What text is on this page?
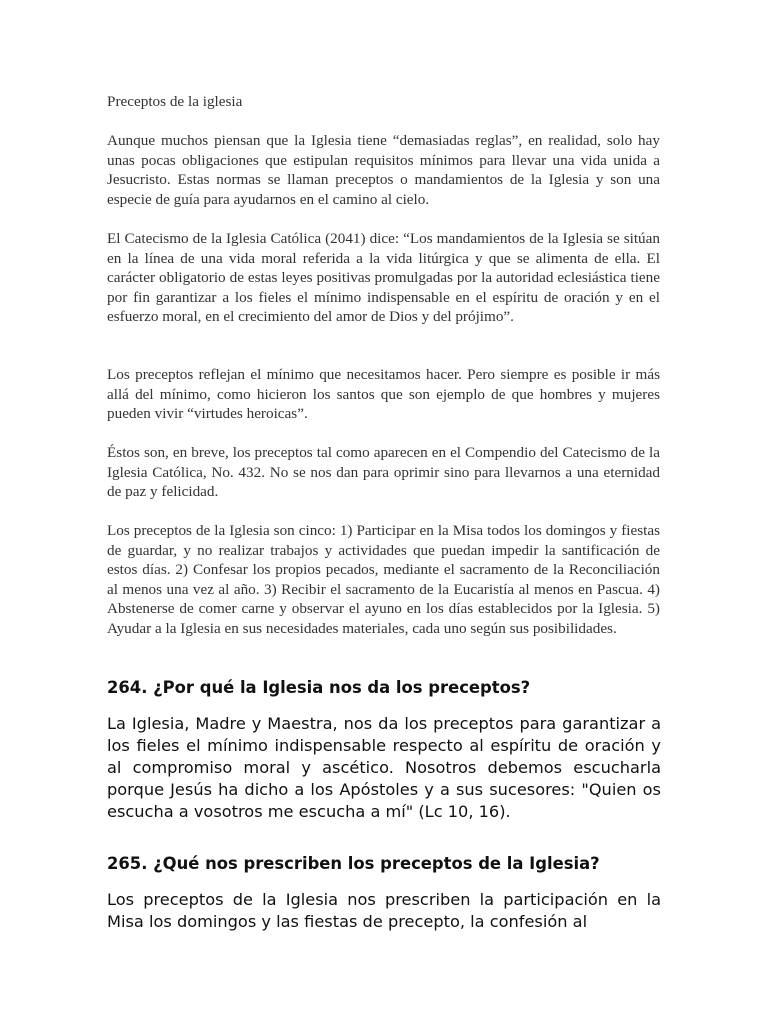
Preceptos de la iglesia

Aunque muchos piensan que la Iglesia tiene “demasiadas reglas”, en realidad, solo hay unas pocas obligaciones que estipulan requisitos mínimos para llevar una vida unida a Jesucristo. Estas normas se llaman preceptos o mandamientos de la Iglesia y son una especie de guía para ayudarnos en el camino al cielo.

El Catecismo de la Iglesia Católica (2041) dice: “Los mandamientos de la Iglesia se sitúan en la línea de una vida moral referida a la vida litúrgica y que se alimenta de ella. El carácter obligatorio de estas leyes positivas promulgadas por la autoridad eclesiástica tiene por fin garantizar a los fieles el mínimo indispensable en el espíritu de oración y en el esfuerzo moral, en el crecimiento del amor de Dios y del prójimo”.

Los preceptos reflejan el mínimo que necesitamos hacer. Pero siempre es posible ir más allá del mínimo, como hicieron los santos que son ejemplo de que hombres y mujeres pueden vivir “virtudes heroicas”.

Éstos son, en breve, los preceptos tal como aparecen en el Compendio del Catecismo de la Iglesia Católica, No. 432. No se nos dan para oprimir sino para llevarnos a una eternidad de paz y felicidad.

Los preceptos de la Iglesia son cinco: 1) Participar en la Misa todos los domingos y fiestas de guardar, y no realizar trabajos y actividades que puedan impedir la santificación de estos días. 2) Confesar los propios pecados, mediante el sacramento de la Reconciliación al menos una vez al año. 3) Recibir el sacramento de la Eucaristía al menos en Pascua. 4) Abstenerse de comer carne y observar el ayuno en los días establecidos por la Iglesia. 5) Ayudar a la Iglesia en sus necesidades materiales, cada uno según sus posibilidades.

264. ¿Por qué la Iglesia nos da los preceptos?

La Iglesia, Madre y Maestra, nos da los preceptos para garantizar a los fieles el mínimo indispensable respecto al espíritu de oración y al compromiso moral y ascético. Nosotros debemos escucharla porque Jesús ha dicho a los Apóstoles y a sus sucesores: "Quien os escucha a vosotros me escucha a mí" (Lc 10, 16).

265. ¿Qué nos prescriben los preceptos de la Iglesia?

Los preceptos de la Iglesia nos prescriben la participación en la Misa los domingos y las fiestas de precepto, la confesión al
